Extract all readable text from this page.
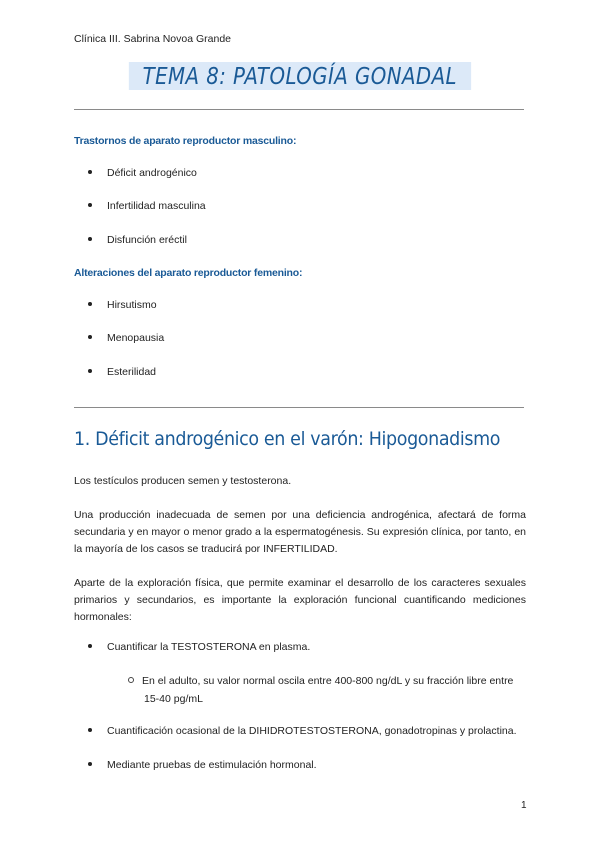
Clínica III. Sabrina Novoa Grande
TEMA 8: PATOLOGÍA GONADAL
Trastornos de aparato reproductor masculino:
Déficit androgénico
Infertilidad masculina
Disfunción eréctil
Alteraciones del aparato reproductor femenino:
Hirsutismo
Menopausia
Esterilidad
1. Déficit androgénico en el varón: Hipogonadismo
Los testículos producen semen y testosterona.
Una producción inadecuada de semen por una deficiencia androgénica, afectará de forma secundaria y en mayor o menor grado a la espermatogénesis. Su expresión clínica, por tanto, en la mayoría de los casos se traducirá por INFERTILIDAD.
Aparte de la exploración física, que permite examinar el desarrollo de los caracteres sexuales primarios y secundarios, es importante la exploración funcional cuantificando mediciones hormonales:
Cuantificar la TESTOSTERONA en plasma.
En el adulto, su valor normal oscila entre 400-800 ng/dL y su fracción libre entre
15-40 pg/mL
Cuantificación ocasional de la DIHIDROTESTOSTERONA, gonadotropinas y prolactina.
Mediante pruebas de estimulación hormonal.
1
